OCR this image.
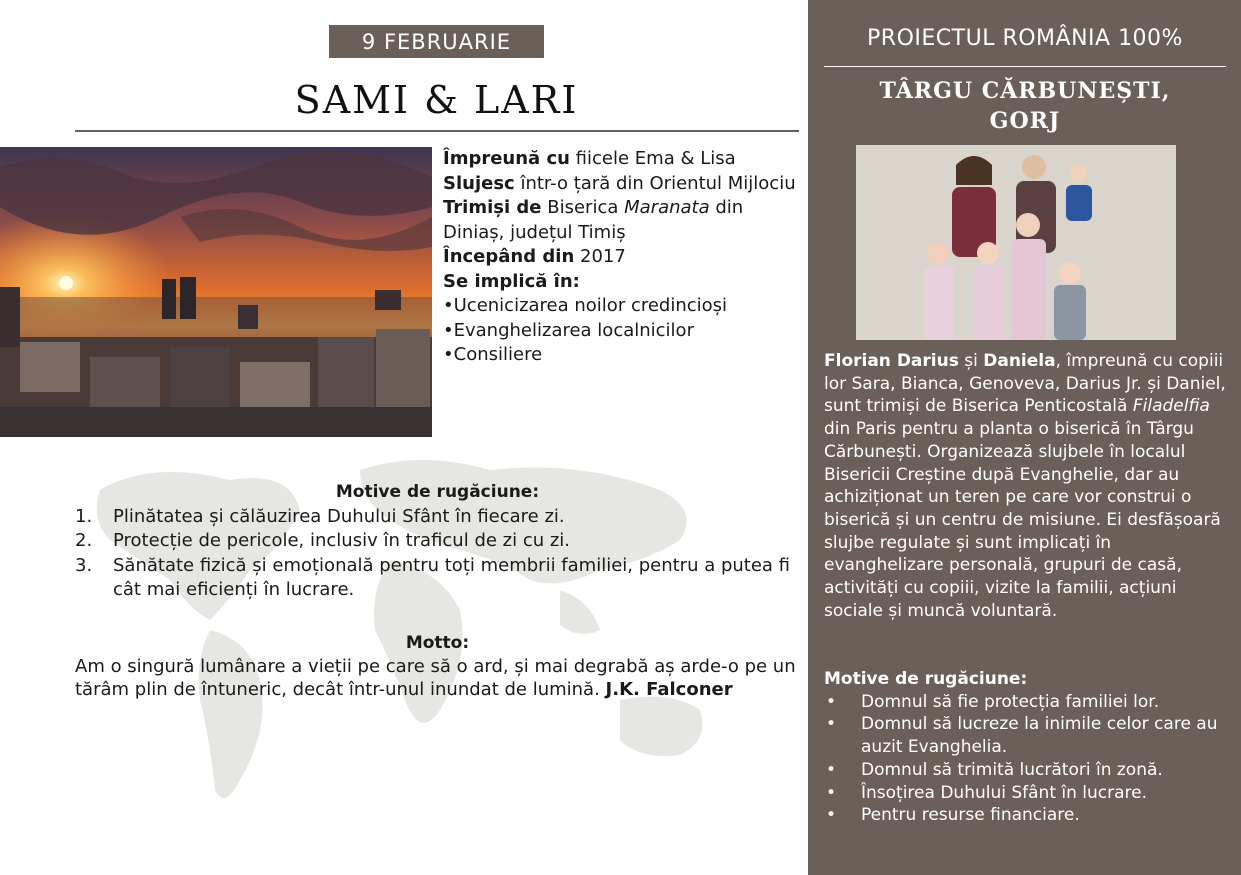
9 FEBRUARIE
SAMI & LARI

Împreună cu fiicele Ema & Lisa

Slujesc într-o țară din Orientul Mijlociu

Trimiși de Biserica Maranata din Diniaș, județul Timiș

Începând din 2017

Se implică în:

•Ucenicizarea noilor credincioși

•Evanghelizarea localnicilor

•Consiliere

Motive de rugăciune:
1. Plinătatea și călăuzirea Duhului Sfânt în fiecare zi.
2. Protecție de pericole, inclusiv în traficul de zi cu zi.
3. Sănătate fizică și emoțională pentru toți membrii familiei, pentru a putea fi cât mai eficienți în lucrare.
Motto:

Am o singură lumânare a vieții pe care să o ard, și mai degrabă aș arde-o pe un tărâm plin de întuneric, decât într-unul inundat de lumină. J.K. Falconer

PROIECTUL ROMÂNIA 100%
TÂRGU CĂRBUNEȘTI,
GORJ

Florian Darius și Daniela, împreună cu copiii lor Sara, Bianca, Genoveva, Darius Jr. și Daniel, sunt trimiși de Biserica Penticostală Filadelfia din Paris pentru a planta o biserică în Târgu Cărbunești. Organizează slujbele în localul Bisericii Creștine după Evanghelie, dar au achiziționat un teren pe care vor construi o biserică și un centru de misiune. Ei desfășoară slujbe regulate și sunt implicați în evanghelizare personală, grupuri de casă, activități cu copiii, vizite la familii, acțiuni sociale și muncă voluntară.

Motive de rugăciune:
• Domnul să fie protecția familiei lor.
• Domnul să lucreze la inimile celor care au auzit Evanghelia.
• Domnul să trimită lucrători în zonă.
• Însoțirea Duhului Sfânt în lucrare.
• Pentru resurse financiare.
